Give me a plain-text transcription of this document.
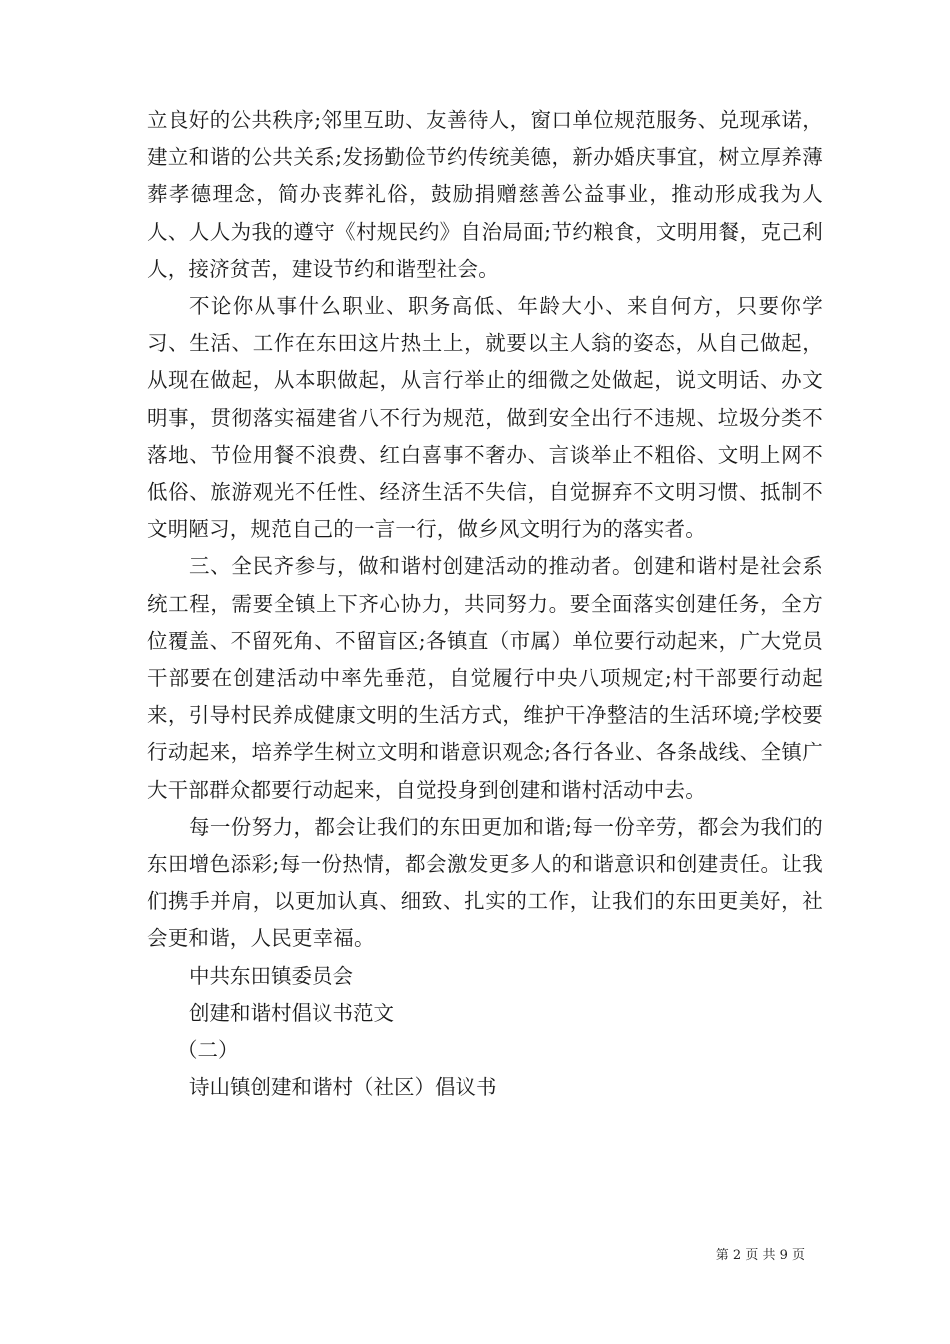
立良好的公共秩序;邻里互助、友善待人，窗口单位规范服务、兑现承诺，建立和谐的公共关系;发扬勤俭节约传统美德，新办婚庆事宜，树立厚养薄葬孝德理念，简办丧葬礼俗，鼓励捐赠慈善公益事业，推动形成我为人人、人人为我的遵守《村规民约》自治局面;节约粮食，文明用餐，克己利人，接济贫苦，建设节约和谐型社会。

不论你从事什么职业、职务高低、年龄大小、来自何方，只要你学习、生活、工作在东田这片热土上，就要以主人翁的姿态，从自己做起，从现在做起，从本职做起，从言行举止的细微之处做起，说文明话、办文明事，贯彻落实福建省八不行为规范，做到安全出行不违规、垃圾分类不落地、节俭用餐不浪费、红白喜事不奢办、言谈举止不粗俗、文明上网不低俗、旅游观光不任性、经济生活不失信，自觉摒弃不文明习惯、抵制不文明陋习，规范自己的一言一行，做乡风文明行为的落实者。

三、全民齐参与，做和谐村创建活动的推动者。创建和谐村是社会系统工程，需要全镇上下齐心协力，共同努力。要全面落实创建任务，全方位覆盖、不留死角、不留盲区;各镇直（市属）单位要行动起来，广大党员干部要在创建活动中率先垂范，自觉履行中央八项规定;村干部要行动起来，引导村民养成健康文明的生活方式，维护干净整洁的生活环境;学校要行动起来，培养学生树立文明和谐意识观念;各行各业、各条战线、全镇广大干部群众都要行动起来，自觉投身到创建和谐村活动中去。

每一份努力，都会让我们的东田更加和谐;每一份辛劳，都会为我们的东田增色添彩;每一份热情，都会激发更多人的和谐意识和创建责任。让我们携手并肩，以更加认真、细致、扎实的工作，让我们的东田更美好，社会更和谐，人民更幸福。

中共东田镇委员会

创建和谐村倡议书范文

（二）

诗山镇创建和谐村（社区）倡议书

第 2 页 共 9 页
